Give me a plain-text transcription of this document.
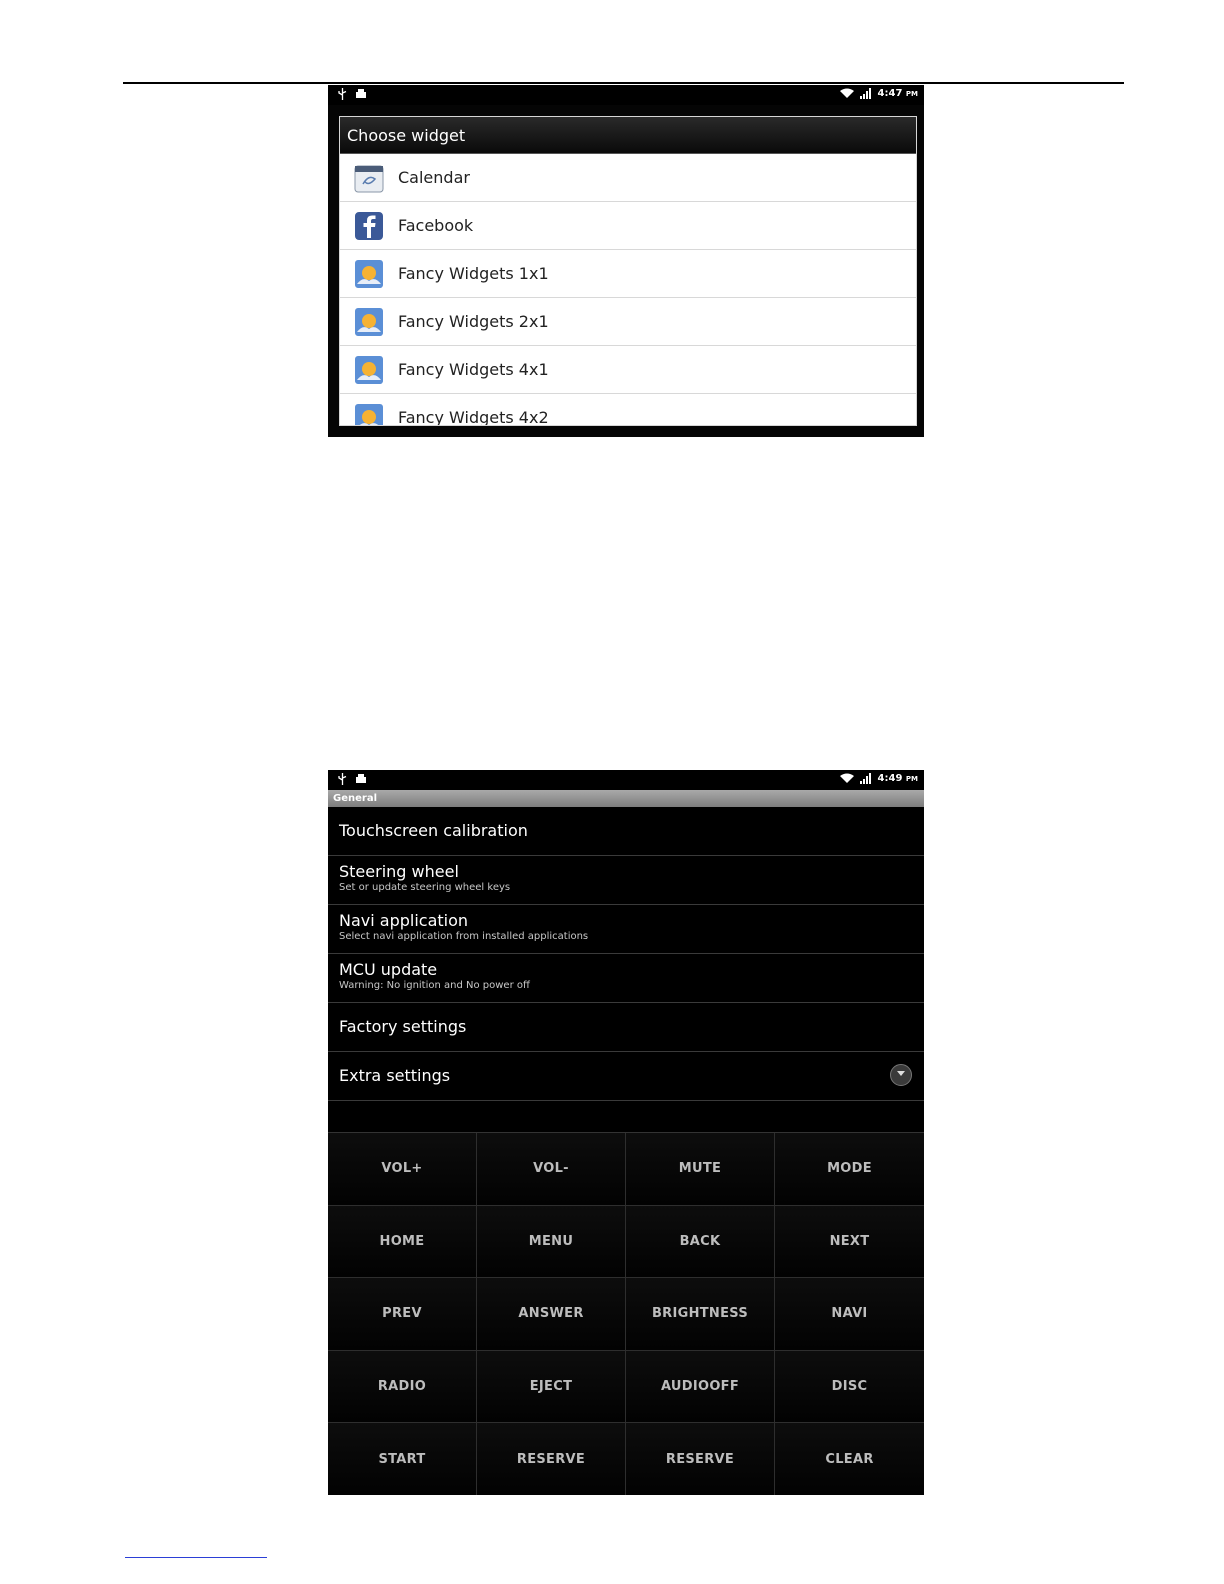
4:47 PM
Choose widget
Calendar
Facebook
Fancy Widgets 1x1
Fancy Widgets 2x1
Fancy Widgets 4x1
Fancy Widgets 4x2
4:49 PM
General
Touchscreen calibration
Steering wheel
Set or update steering wheel keys
Navi application
Select navi application from installed applications
MCU update
Warning: No ignition and No power off
Factory settings
Extra settings
VOL+	VOL-	MUTE	MODE
HOME	MENU	BACK	NEXT
PREV	ANSWER	BRIGHTNESS	NAVI
RADIO	EJECT	AUDIOOFF	DISC
START	RESERVE	RESERVE	CLEAR
